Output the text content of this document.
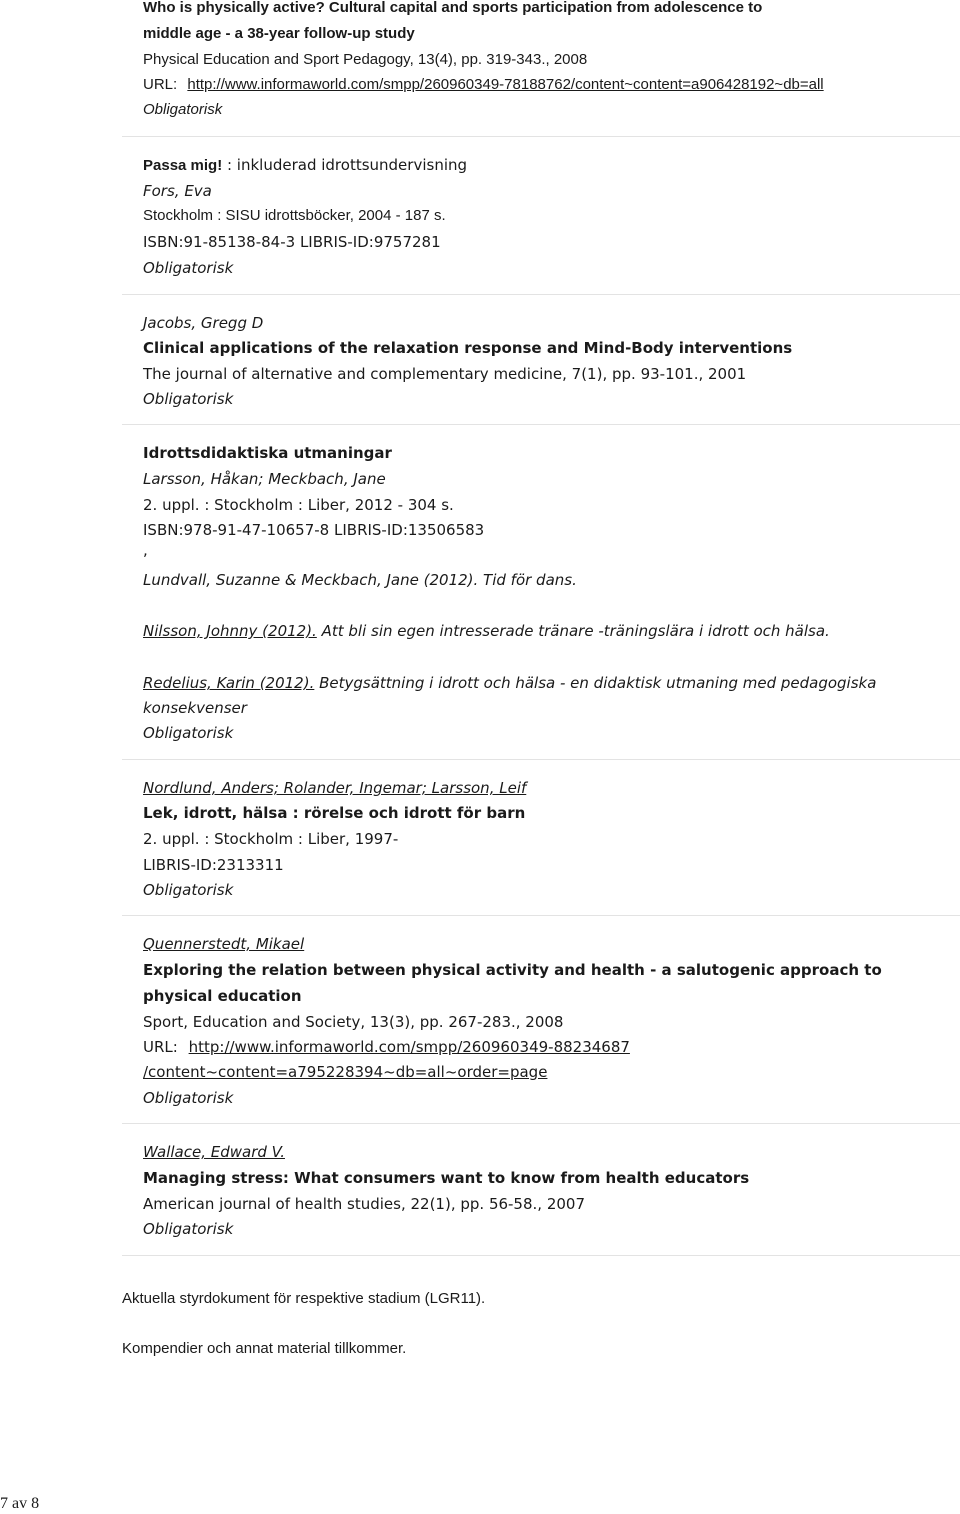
Who is physically active? Cultural capital and sports participation from adolescence to
middle age - a 38-year follow-up study
Physical Education and Sport Pedagogy, 13(4), pp. 319-343., 2008
URL: http://www.informaworld.com/smpp/260960349-78188762/content~content=a906428192~db=all
Obligatorisk
Passa mig! : inkluderad idrottsundervisning
Fors, Eva
Stockholm : SISU idrottsböcker, 2004 - 187 s.
ISBN:91-85138-84-3 LIBRIS-ID:9757281
Obligatorisk
Jacobs, Gregg D
Clinical applications of the relaxation response and Mind-Body interventions
The journal of alternative and complementary medicine, 7(1), pp. 93-101., 2001
Obligatorisk
Idrottsdidaktiska utmaningar
Larsson, Håkan; Meckbach, Jane
2. uppl. : Stockholm : Liber, 2012 - 304 s.
ISBN:978-91-47-10657-8 LIBRIS-ID:13506583
,
Lundvall, Suzanne & Meckbach, Jane (2012). Tid för dans.
Nilsson, Johnny (2012). Att bli sin egen intresserade tränare -träningslära i idrott och hälsa.
Redelius, Karin (2012). Betygsättning i idrott och hälsa - en didaktisk utmaning med pedagogiska
konsekvenser
Obligatorisk
Nordlund, Anders; Rolander, Ingemar; Larsson, Leif
Lek, idrott, hälsa : rörelse och idrott för barn
2. uppl. : Stockholm : Liber, 1997-
LIBRIS-ID:2313311
Obligatorisk
Quennerstedt, Mikael
Exploring the relation between physical activity and health - a salutogenic approach to
physical education
Sport, Education and Society, 13(3), pp. 267-283., 2008
URL: http://www.informaworld.com/smpp/260960349-88234687
/content~content=a795228394~db=all~order=page
Obligatorisk
Wallace, Edward V.
Managing stress: What consumers want to know from health educators
American journal of health studies, 22(1), pp. 56-58., 2007
Obligatorisk
Aktuella styrdokument för respektive stadium (LGR11).
Kompendier och annat material tillkommer.
7 av 8
